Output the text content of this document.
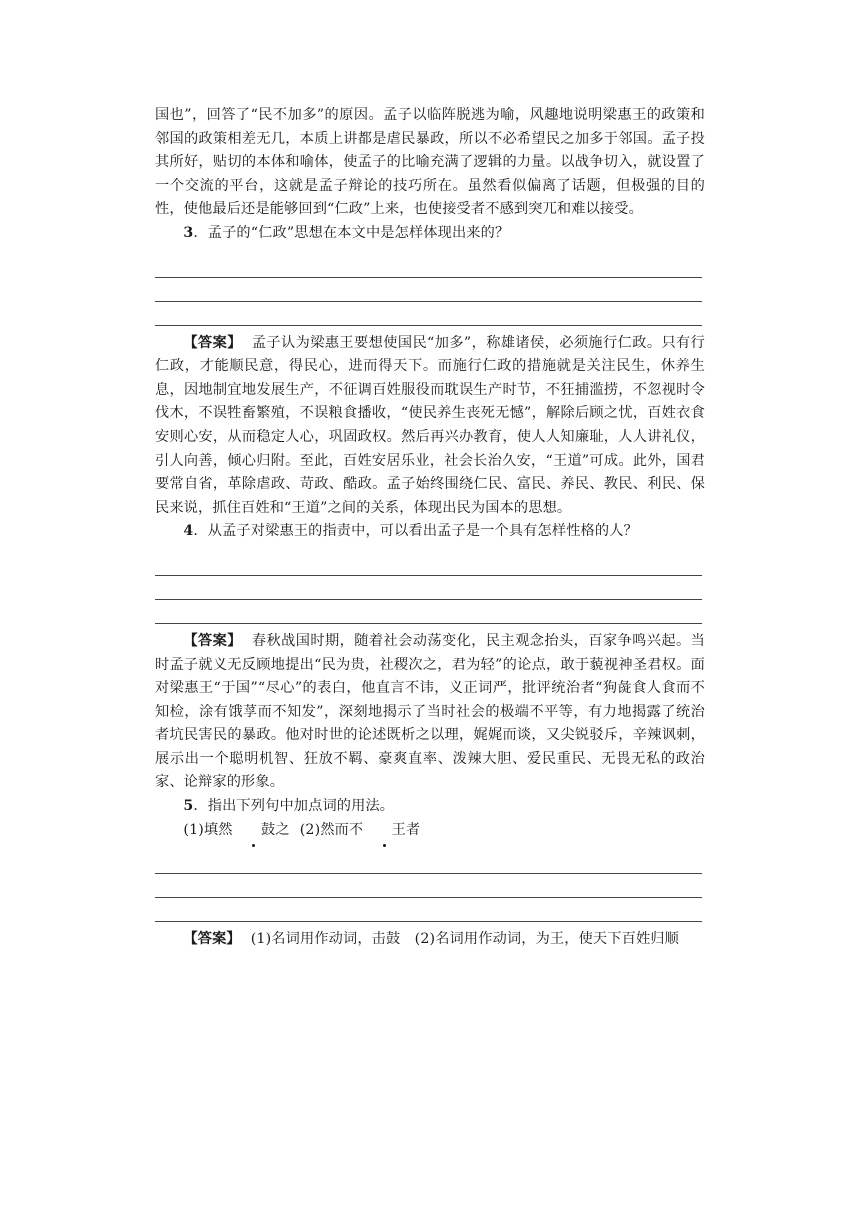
国也”，回答了“民不加多”的原因。孟子以临阵脱逃为喻，风趣地说明梁惠王的政策和邻国的政策相差无几，本质上讲都是虐民暴政，所以不必希望民之加多于邻国。孟子投其所好，贴切的本体和喻体，使孟子的比喻充满了逻辑的力量。以战争切入，就设置了一个交流的平台，这就是孟子辩论的技巧所在。虽然看似偏离了话题，但极强的目的性，使他最后还是能够回到“仁政”上来，也使接受者不感到突兀和难以接受。

3．孟子的“仁政”思想在本文中是怎样体现出来的？

【答案】 孟子认为梁惠王要想使国民“加多”，称雄诸侯，必须施行仁政。只有行仁政，才能顺民意，得民心，进而得天下。而施行仁政的措施就是关注民生，休养生息，因地制宜地发展生产，不征调百姓服役而耽误生产时节，不狂捕滥捞，不忽视时令伐木，不误牲畜繁殖，不误粮食播收，“使民养生丧死无憾”，解除后顾之忧，百姓衣食安则心安，从而稳定人心，巩固政权。然后再兴办教育，使人人知廉耻，人人讲礼仪，引人向善，倾心归附。至此，百姓安居乐业，社会长治久安，“王道”可成。此外，国君要常自省，革除虐政、苛政、酷政。孟子始终围绕仁民、富民、养民、教民、利民、保民来说，抓住百姓和“王道”之间的关系，体现出民为国本的思想。

4．从孟子对梁惠王的指责中，可以看出孟子是一个具有怎样性格的人？

【答案】 春秋战国时期，随着社会动荡变化，民主观念抬头，百家争鸣兴起。当时孟子就义无反顾地提出“民为贵，社稷次之，君为轻”的论点，敢于藐视神圣君权。面对梁惠王“于国”“尽心”的表白，他直言不讳，义正词严，批评统治者“狗彘食人食而不知检，涂有饿莩而不知发”，深刻地揭示了当时社会的极端不平等，有力地揭露了统治者坑民害民的暴政。他对时世的论述既析之以理，娓娓而谈，又尖锐驳斥，辛辣讽刺，展示出一个聪明机智、狂放不羁、豪爽直率、泼辣大胆、爱民重民、无畏无私的政治家、论辩家的形象。

5．指出下列句中加点词的用法。

(1)填然 鼓之 (2)然而不 王者

【答案】 (1)名词用作动词，击鼓　(2)名词用作动词，为王，使天下百姓归顺
